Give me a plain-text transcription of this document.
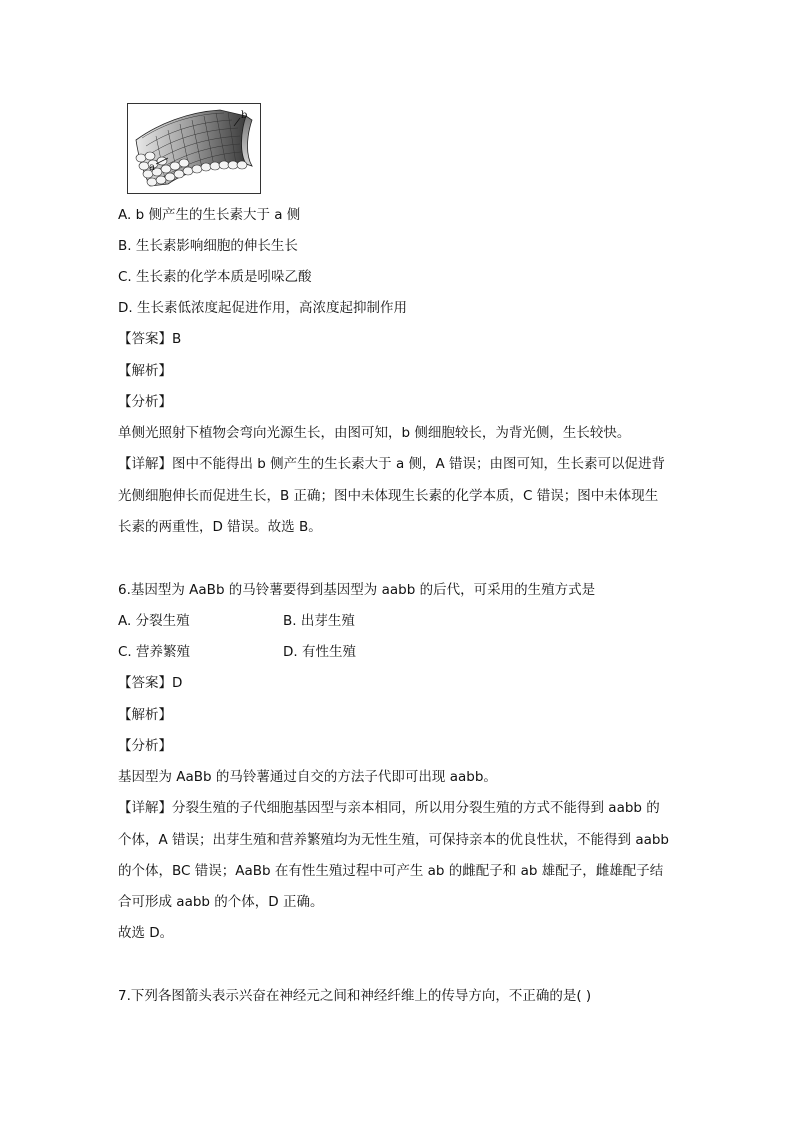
b
a
A. b 侧产生的生长素大于 a 侧
B. 生长素影响细胞的伸长生长
C. 生长素的化学本质是吲哚乙酸
D. 生长素低浓度起促进作用，高浓度起抑制作用
【答案】B
【解析】
【分析】
单侧光照射下植物会弯向光源生长，由图可知，b 侧细胞较长，为背光侧，生长较快。
【详解】图中不能得出 b 侧产生的生长素大于 a 侧，A 错误；由图可知，生长素可以促进背
光侧细胞伸长而促进生长，B 正确；图中未体现生长素的化学本质，C 错误；图中未体现生
长素的两重性，D 错误。故选 B。
6.基因型为 AaBb 的马铃薯要得到基因型为 aabb 的后代，可采用的生殖方式是
A. 分裂生殖	B. 出芽生殖
C. 营养繁殖	D. 有性生殖
【答案】D
【解析】
【分析】
基因型为 AaBb 的马铃薯通过自交的方法子代即可出现 aabb。
【详解】分裂生殖的子代细胞基因型与亲本相同，所以用分裂生殖的方式不能得到 aabb 的
个体，A 错误；出芽生殖和营养繁殖均为无性生殖，可保持亲本的优良性状，不能得到 aabb
的个体，BC 错误；AaBb 在有性生殖过程中可产生 ab 的雌配子和 ab 雄配子，雌雄配子结
合可形成 aabb 的个体，D 正确。
故选 D。
7.下列各图箭头表示兴奋在神经元之间和神经纤维上的传导方向，不正确的是( )
